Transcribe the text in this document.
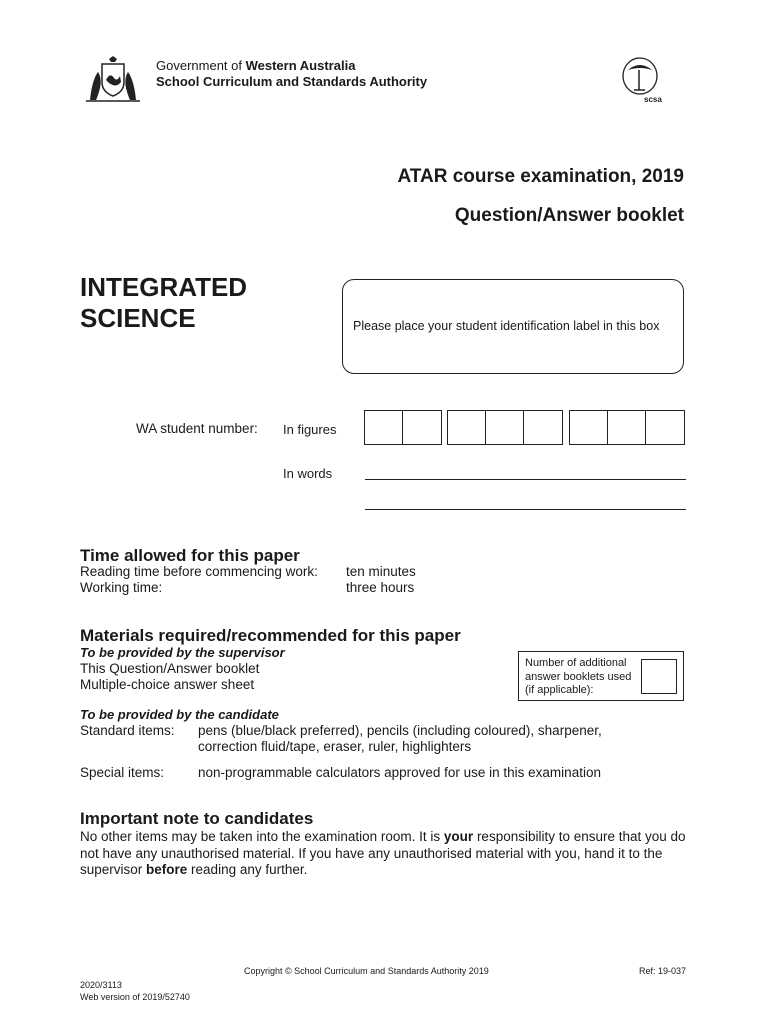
Government of Western Australia
School Curriculum and Standards Authority
scsa
ATAR course examination, 2019
Question/Answer booklet
INTEGRATED
SCIENCE	Please place your student identification label in this box
WA student number: In figures
In words
Time allowed for this paper
Reading time before commencing work: ten minutes
Working time:	three hours
Materials required/recommended for this paper
To be provided by the supervisor
This Question/Answer booklet
Multiple-choice answer sheet
Number of additional answer booklets used (if applicable):
To be provided by the candidate
Standard items: pens (blue/black preferred), pencils (including coloured), sharpener,
correction fluid/tape, eraser, ruler, highlighters
Special items:	non-programmable calculators approved for use in this examination
Important note to candidates
No other items may be taken into the examination room. It is your responsibility to ensure that you do not have any unauthorised material. If you have any unauthorised material with you, hand it to the supervisor before reading any further.
Copyright © School Curriculum and Standards Authority 2019	Ref: 19-037
2020/3113
Web version of 2019/52740
